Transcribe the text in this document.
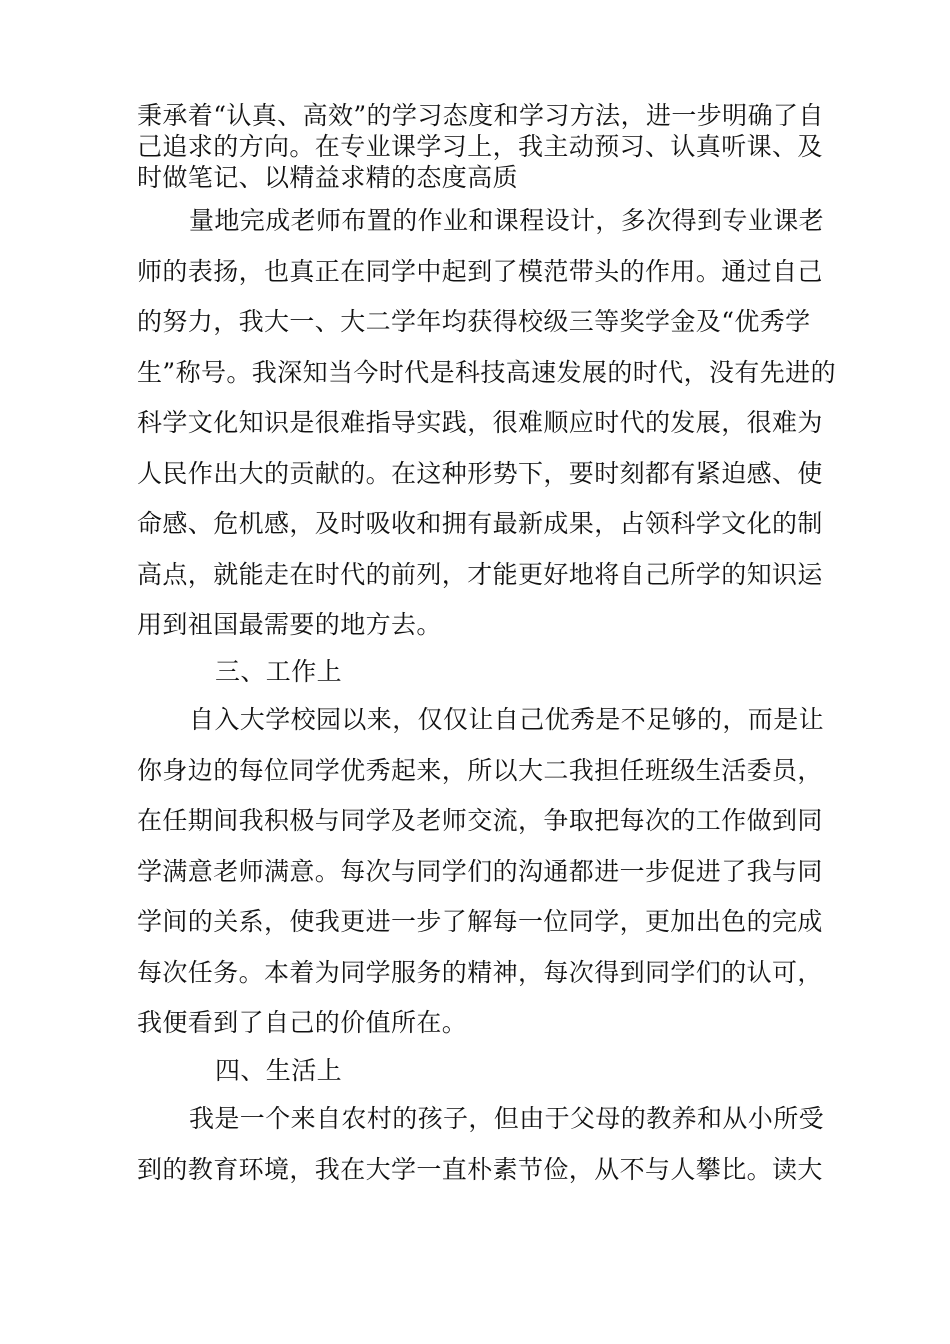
秉承着“认真、高效”的学习态度和学习方法，进一步明确了自己追求的方向。在专业课学习上，我主动预习、认真听课、及时做笔记、以精益求精的态度高质

量地完成老师布置的作业和课程设计，多次得到专业课老师的表扬，也真正在同学中起到了模范带头的作用。通过自己的努力，我大一、大二学年均获得校级三等奖学金及“优秀学生”称号。我深知当今时代是科技高速发展的时代，没有先进的科学文化知识是很难指导实践，很难顺应时代的发展，很难为人民作出大的贡献的。在这种形势下，要时刻都有紧迫感、使命感、危机感，及时吸收和拥有最新成果，占领科学文化的制高点，就能走在时代的前列，才能更好地将自己所学的知识运用到祖国最需要的地方去。

三、工作上

自入大学校园以来，仅仅让自己优秀是不足够的，而是让你身边的每位同学优秀起来，所以大二我担任班级生活委员，在任期间我积极与同学及老师交流，争取把每次的工作做到同学满意老师满意。每次与同学们的沟通都进一步促进了我与同学间的关系，使我更进一步了解每一位同学，更加出色的完成每次任务。本着为同学服务的精神，每次得到同学们的认可，我便看到了自己的价值所在。

四、生活上

我是一个来自农村的孩子，但由于父母的教养和从小所受到的教育环境，我在大学一直朴素节俭，从不与人攀比。读大
